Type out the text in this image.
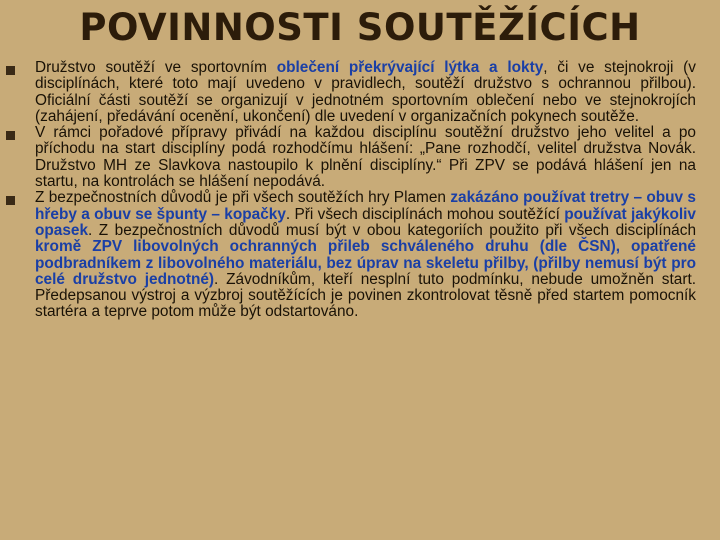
POVINNOSTI SOUTĚŽÍCÍCH
Družstvo soutěží ve sportovním oblečení překrývající lýtka a lokty, či ve stejnokroji (v disciplínách, které toto mají uvedeno v pravidlech, soutěží družstvo s ochrannou přilbou). Oficiální části soutěží se organizují v jednotném sportovním oblečení nebo ve stejnokrojích (zahájení, předávání ocenění, ukončení) dle uvedení v organizačních pokynech soutěže.
V rámci pořadové přípravy přivádí na každou disciplínu soutěžní družstvo jeho velitel a po příchodu na start disciplíny podá rozhodčímu hlášení: „Pane rozhodčí, velitel družstva Novák. Družstvo MH ze Slavkova nastoupilo k plnění disciplíny.“ Při ZPV se podává hlášení jen na startu, na kontrolách se hlášení nepodává.
Z bezpečnostních důvodů je při všech soutěžích hry Plamen zakázáno používat tretry – obuv s hřeby a obuv se špunty – kopačky. Při všech disciplínách mohou soutěžící používat jakýkoliv opasek. Z bezpečnostních důvodů musí být v obou kategoriích použito při všech disciplínách kromě ZPV libovolných ochranných přileb schváleného druhu (dle ČSN), opatřené podbradníkem z libovolného materiálu, bez úprav na skeletu přilby, (přilby nemusí být pro celé družstvo jednotné). Závodníkům, kteří nesplní tuto podmínku, nebude umožněn start. Předepsanou výstroj a výzbroj soutěžících je povinen zkontrolovat těsně před startem pomocník startéra a teprve potom může být odstartováno.
